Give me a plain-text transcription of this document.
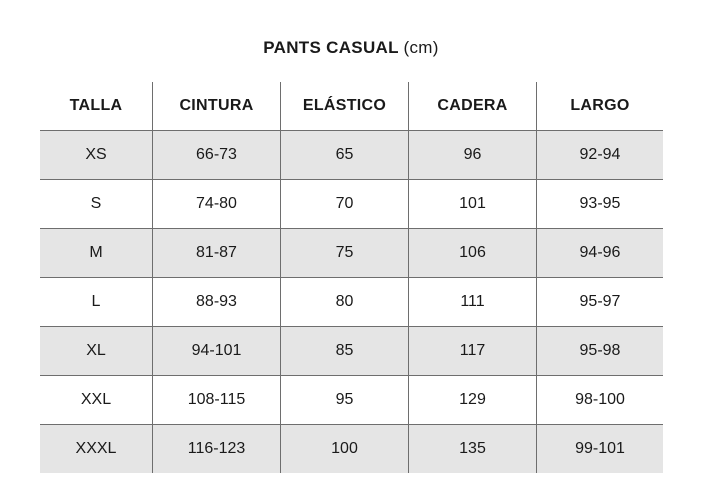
PANTS CASUAL (cm)
TALLA	CINTURA	ELÁSTICO	CADERA	LARGO
XS	66-73	65	96	92-94
S	74-80	70	101	93-95
M	81-87	75	106	94-96
L	88-93	80	111	95-97
XL	94-101	85	117	95-98
XXL	108-115	95	129	98-100
XXXL	116-123	100	135	99-101
